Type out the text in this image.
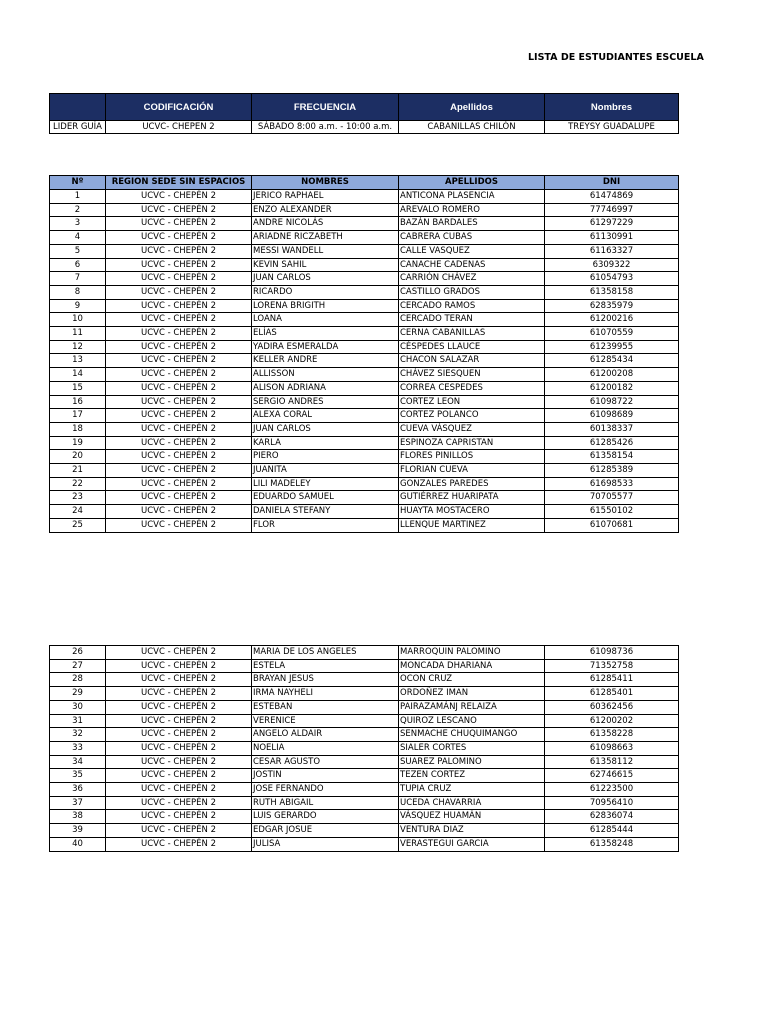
LISTA DE ESTUDIANTES ESCUELA
	CODIFICACIÓN	FRECUENCIA	Apellidos	Nombres
LIDER GUÍA	UCVC- CHEPEN 2	SÁBADO 8:00 a.m. - 10:00 a.m.	CABANILLAS CHILÓN	TREYSY GUADALUPE
Nº	REGION SEDE SIN ESPACIOS	NOMBRES	APELLIDOS	DNI
1	UCVC - CHEPÉN 2	JERICO RAPHAEL	ANTICONA PLASENCIA	61474869
2	UCVC - CHEPÉN 2	ENZO ALEXANDER	AREVALO ROMERO	77746997
3	UCVC - CHEPÉN 2	ANDRE NICOLÁS	BAZÁN BARDALES	61297229
4	UCVC - CHEPÉN 2	ARIADNE RICZABETH	CABRERA CUBAS	61130991
5	UCVC - CHEPÉN 2	MESSI WANDELL	CALLE VASQUEZ	61163327
6	UCVC - CHEPÉN 2	KEVIN SAHIL	CANACHE CADENAS	6309322
7	UCVC - CHEPÉN 2	JUAN CARLOS	CARRIÓN CHÁVEZ	61054793
8	UCVC - CHEPÉN 2	RICARDO	CASTILLO GRADOS	61358158
9	UCVC - CHEPÉN 2	LORENA BRIGITH	CERCADO RAMOS	62835979
10	UCVC - CHEPÉN 2	LOANA	CERCADO TERAN	61200216
11	UCVC - CHEPÉN 2	ELÍAS	CERNA CABANILLAS	61070559
12	UCVC - CHEPÉN 2	YADIRA ESMERALDA	CÉSPEDES LLAUCE	61239955
13	UCVC - CHEPÉN 2	KELLER ANDRE	CHACON SALAZAR	61285434
14	UCVC - CHEPÉN 2	ALLISSON	CHÁVEZ SIESQUEN	61200208
15	UCVC - CHEPÉN 2	ALISON ADRIANA	CORREA CESPEDES	61200182
16	UCVC - CHEPÉN 2	SERGIO ANDRES	CORTEZ LEON	61098722
17	UCVC - CHEPÉN 2	ALEXA CORAL	CORTEZ POLANCO	61098689
18	UCVC - CHEPÉN 2	JUAN CARLOS	CUEVA VÁSQUEZ	60138337
19	UCVC - CHEPÉN 2	KARLA	ESPINOZA CAPRISTAN	61285426
20	UCVC - CHEPÉN 2	PIERO	FLORES PINILLOS	61358154
21	UCVC - CHEPÉN 2	JUANITA	FLORIAN CUEVA	61285389
22	UCVC - CHEPÉN 2	LILI MADELEY	GONZALES PAREDES	61698533
23	UCVC - CHEPÉN 2	EDUARDO SAMUEL	GUTIÉRREZ HUARIPATA	70705577
24	UCVC - CHEPÉN 2	DANIELA STEFANY	HUAYTA MOSTACERO	61550102
25	UCVC - CHEPÉN 2	FLOR	LLENQUE MARTINEZ	61070681
26	UCVC - CHEPÉN 2	MARIA DE LOS ANGELES	MARROQUIN PALOMINO	61098736
27	UCVC - CHEPÉN 2	ESTELA	MONCADA DHARIANA	71352758
28	UCVC - CHEPÉN 2	BRAYAN JESUS	OCON CRUZ	61285411
29	UCVC - CHEPÉN 2	IRMA NAYHELI	ORDOÑEZ IMAN	61285401
30	UCVC - CHEPÉN 2	ESTEBAN	PAIRAZAMÁNJ RELAIZA	60362456
31	UCVC - CHEPÉN 2	VERENICE	QUIROZ LESCANO	61200202
32	UCVC - CHEPÉN 2	ANGELO ALDAIR	SENMACHE CHUQUIMANGO	61358228
33	UCVC - CHEPÉN 2	NOELIA	SIALER CORTES	61098663
34	UCVC - CHEPÉN 2	CESAR AGUSTO	SUAREZ PALOMINO	61358112
35	UCVC - CHEPÉN 2	JOSTIN	TEZEN CORTEZ	62746615
36	UCVC - CHEPÉN 2	JOSE FERNANDO	TUPIA CRUZ	61223500
37	UCVC - CHEPÉN 2	RUTH ABIGAIL	UCEDA CHAVARRIA	70956410
38	UCVC - CHEPÉN 2	LUIS GERARDO	VÁSQUEZ HUAMÁN	62836074
39	UCVC - CHEPÉN 2	EDGAR JOSUE	VENTURA DIAZ	61285444
40	UCVC - CHEPÉN 2	JULISA	VERASTEGUI GARCIA	61358248
